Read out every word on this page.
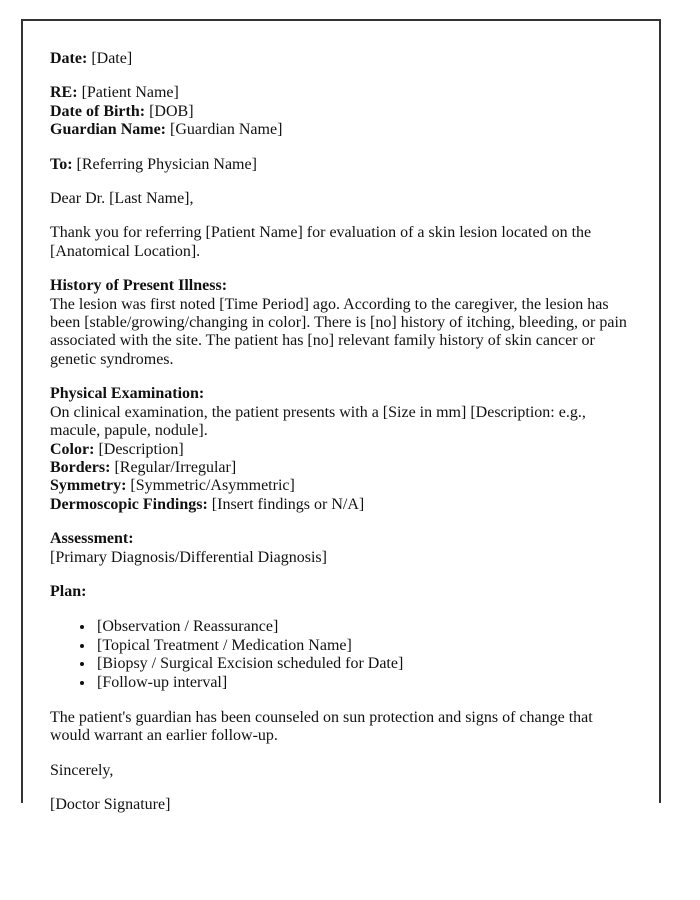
Date: [Date]

RE: [Patient Name]
Date of Birth: [DOB]
Guardian Name: [Guardian Name]

To: [Referring Physician Name]

Dear Dr. [Last Name],

Thank you for referring [Patient Name] for evaluation of a skin lesion located on the [Anatomical Location].

History of Present Illness:
The lesion was first noted [Time Period] ago. According to the caregiver, the lesion has been [stable/growing/changing in color]. There is [no] history of itching, bleeding, or pain associated with the site. The patient has [no] relevant family history of skin cancer or genetic syndromes.

Physical Examination:
On clinical examination, the patient presents with a [Size in mm] [Description: e.g., macule, papule, nodule].
Color: [Description]
Borders: [Regular/Irregular]
Symmetry: [Symmetric/Asymmetric]
Dermoscopic Findings: [Insert findings or N/A]

Assessment:
[Primary Diagnosis/Differential Diagnosis]

Plan:

• [Observation / Reassurance]
• [Topical Treatment / Medication Name]
• [Biopsy / Surgical Excision scheduled for Date]
• [Follow-up interval]

The patient's guardian has been counseled on sun protection and signs of change that would warrant an earlier follow-up.

Sincerely,

[Doctor Signature]
